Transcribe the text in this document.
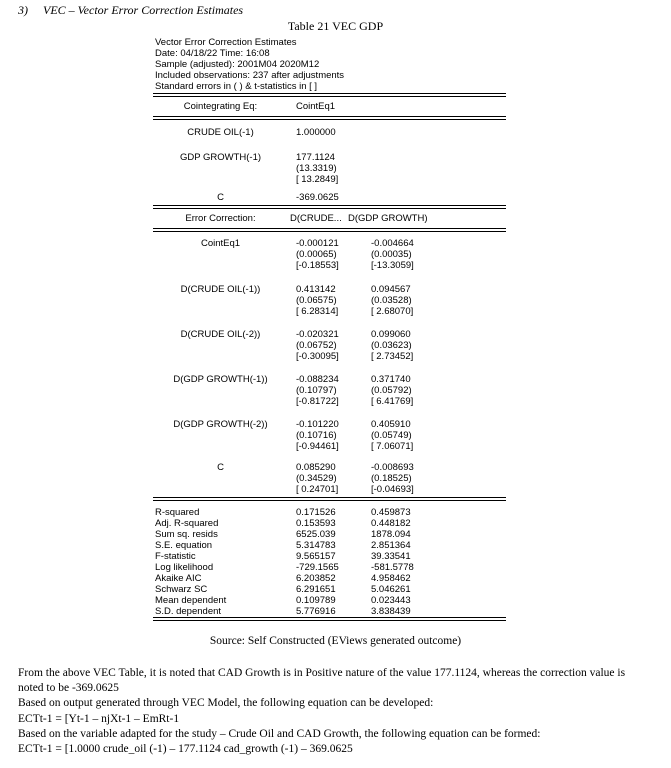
3) VEC – Vector Error Correction Estimates
Table 21 VEC GDP
Vector Error Correction Estimates
Date: 04/18/22 Time: 16:08
Sample (adjusted): 2001M04 2020M12
Included observations: 237 after adjustments
Standard errors in ( ) & t-statistics in [ ]
Cointegrating Eq:	CointEq1
CRUDE OIL(-1)	1.000000
GDP GROWTH(-1)	177.1124
(13.3319)
[ 13.2849]
C	-369.0625
Error Correction:	D(CRUDE... D(GDP GROWTH)
CointEq1	-0.000121	-0.004664
(0.00065)	(0.00035)
[-0.18553]	[-13.3059]
D(CRUDE OIL(-1))	0.413142	0.094567
(0.06575)	(0.03528)
[ 6.28314]	[ 2.68070]
D(CRUDE OIL(-2))	-0.020321	0.099060
(0.06752)	(0.03623)
[-0.30095]	[ 2.73452]
D(GDP GROWTH(-1))	-0.088234	0.371740
(0.10797)	(0.05792)
[-0.81722]	[ 6.41769]
D(GDP GROWTH(-2))	-0.101220	0.405910
(0.10716)	(0.05749)
[-0.94461]	[ 7.06071]
C	0.085290	-0.008693
(0.34529)	(0.18525)
[ 0.24701]	[-0.04693]
R-squared	0.171526	0.459873
Adj. R-squared	0.153593	0.448182
Sum sq. resids	6525.039	1878.094
S.E. equation	5.314783	2.851364
F-statistic	9.565157	39.33541
Log likelihood	-729.1565	-581.5778
Akaike AIC	6.203852	4.958462
Schwarz SC	6.291651	5.046261
Mean dependent	0.109789	0.023443
S.D. dependent	5.776916	3.838439
Source: Self Constructed (EViews generated outcome)
From the above VEC Table, it is noted that CAD Growth is in Positive nature of the value 177.1124, whereas the correction value is
noted to be -369.0625
Based on output generated through VEC Model, the following equation can be developed:
ECTt-1 = [Yt-1 – njXt-1 – EmRt-1
Based on the variable adapted for the study – Crude Oil and CAD Growth, the following equation can be formed:
ECTt-1 = [1.0000 crude_oil (-1) – 177.1124 cad_growth (-1) – 369.0625
